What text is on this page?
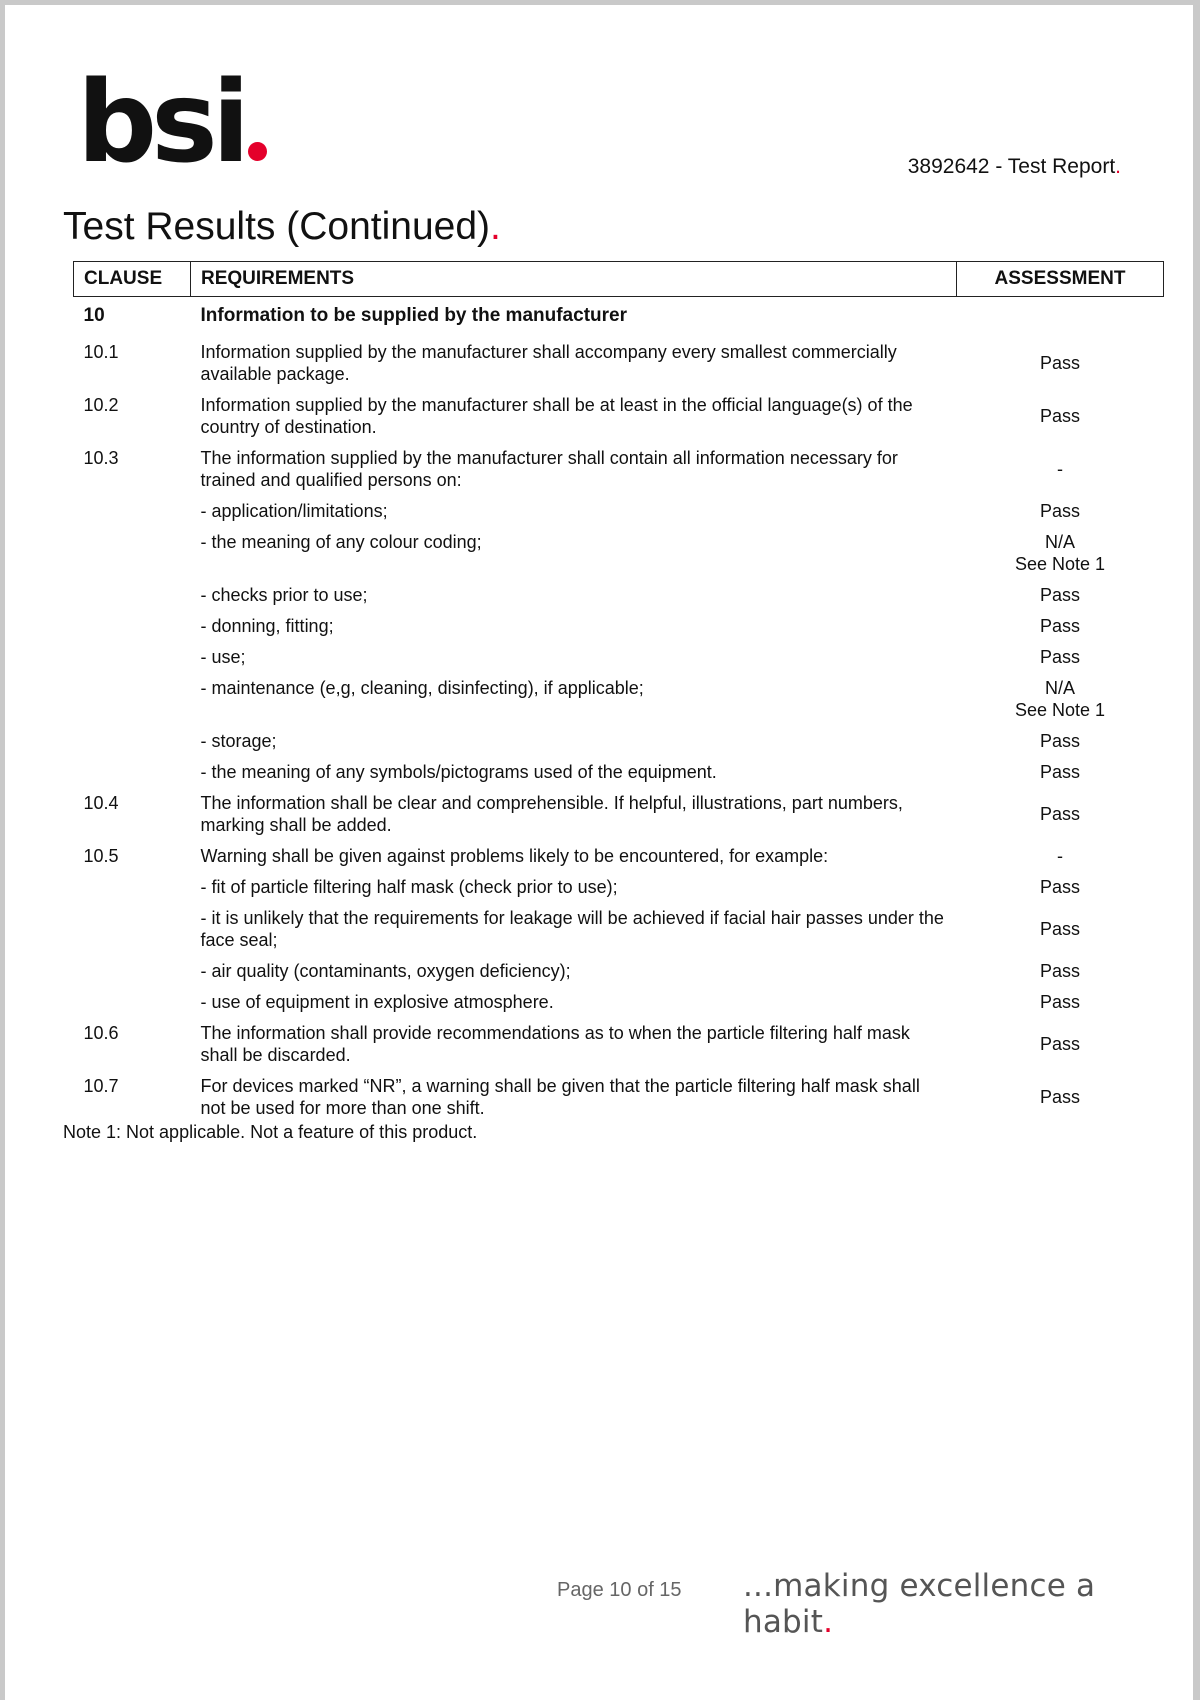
bsi	3892642 - Test Report.
Test Results (Continued).
CLAUSE	REQUIREMENTS	ASSESSMENT
10	Information to be supplied by the manufacturer	

10.1	Information supplied by the manufacturer shall accompany every smallest commercially available package.	Pass

10.2	Information supplied by the manufacturer shall be at least in the official language(s) of the country of destination.	Pass

10.3	The information supplied by the manufacturer shall contain all information necessary for trained and qualified persons on:	-

	- application/limitations;	Pass

	- the meaning of any colour coding;	N/A
See Note 1

	- checks prior to use;	Pass

	- donning, fitting;	Pass

	- use;	Pass

	- maintenance (e,g, cleaning, disinfecting), if applicable;	N/A
See Note 1

	- storage;	Pass

	- the meaning of any symbols/pictograms used of the equipment.	Pass

10.4	The information shall be clear and comprehensible. If helpful, illustrations, part numbers, marking shall be added.	Pass

10.5	Warning shall be given against problems likely to be encountered, for example:	-

	- fit of particle filtering half mask (check prior to use);	Pass

	- it is unlikely that the requirements for leakage will be achieved if facial hair passes under the face seal;	Pass

	- air quality (contaminants, oxygen deficiency);	Pass

	- use of equipment in explosive atmosphere.	Pass

10.6	The information shall provide recommendations as to when the particle filtering half mask shall be discarded.	Pass

10.7	For devices marked “NR”, a warning shall be given that the particle filtering half mask shall not be used for more than one shift.	Pass
Note 1: Not applicable. Not a feature of this product.
Page 10 of 15 ...making excellence a habit.
